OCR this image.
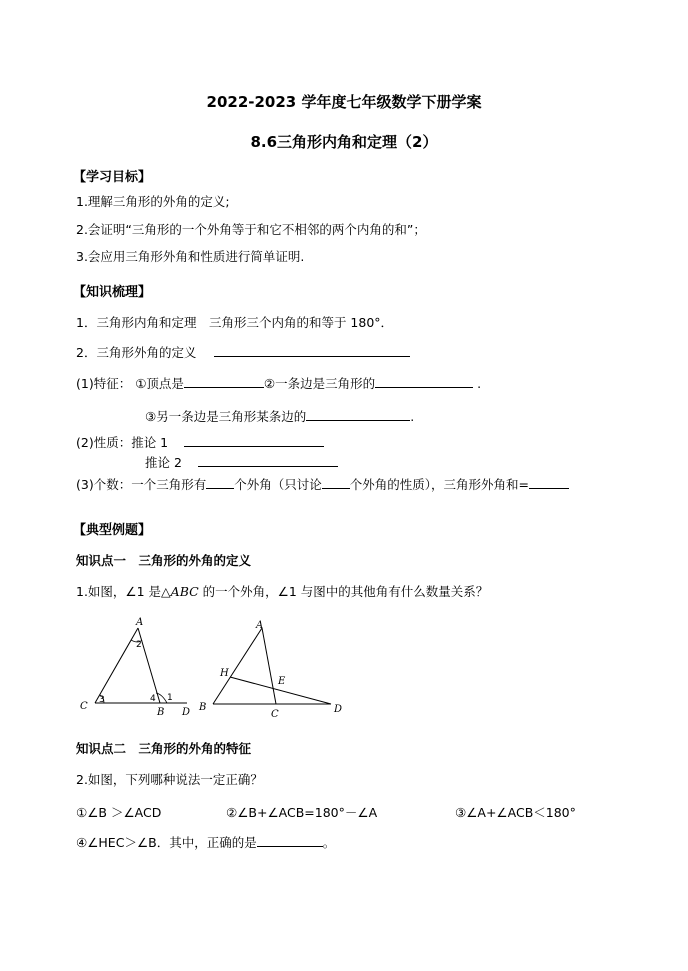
2022-2023 学年度七年级数学下册学案
8.6三角形内角和定理（2）
【学习目标】
1.理解三角形的外角的定义;
2.会证明“三角形的一个外角等于和它不相邻的两个内角的和”；
3.会应用三角形外角和性质进行简单证明.
【知识梳理】
1．三角形内角和定理　三角形三个内角的和等于 180°．
2．三角形外角的定义
(1)特征： ①顶点是	②一条边是三角形的	.
③另一条边是三角形某条边的	.
(2)性质：推论 1
推论 2
(3)个数：一个三角形有 个外角（只讨论 个外角的性质），三角形外角和=
【典型例题】
知识点一　三角形的外角的定义
1.如图，∠1 是△ABC 的一个外角，∠1 与图中的其他角有什么数量关系？
A
C
B D
2
3	4 1
A
H
E
B
C	D
知识点二　三角形的外角的特征
2.如图，下列哪种说法一定正确？
①∠B ＞∠ACD	②∠B+∠ACB=180°－∠A	③∠A+∠ACB＜180°
④∠HEC＞∠B．其中，正确的是	。
